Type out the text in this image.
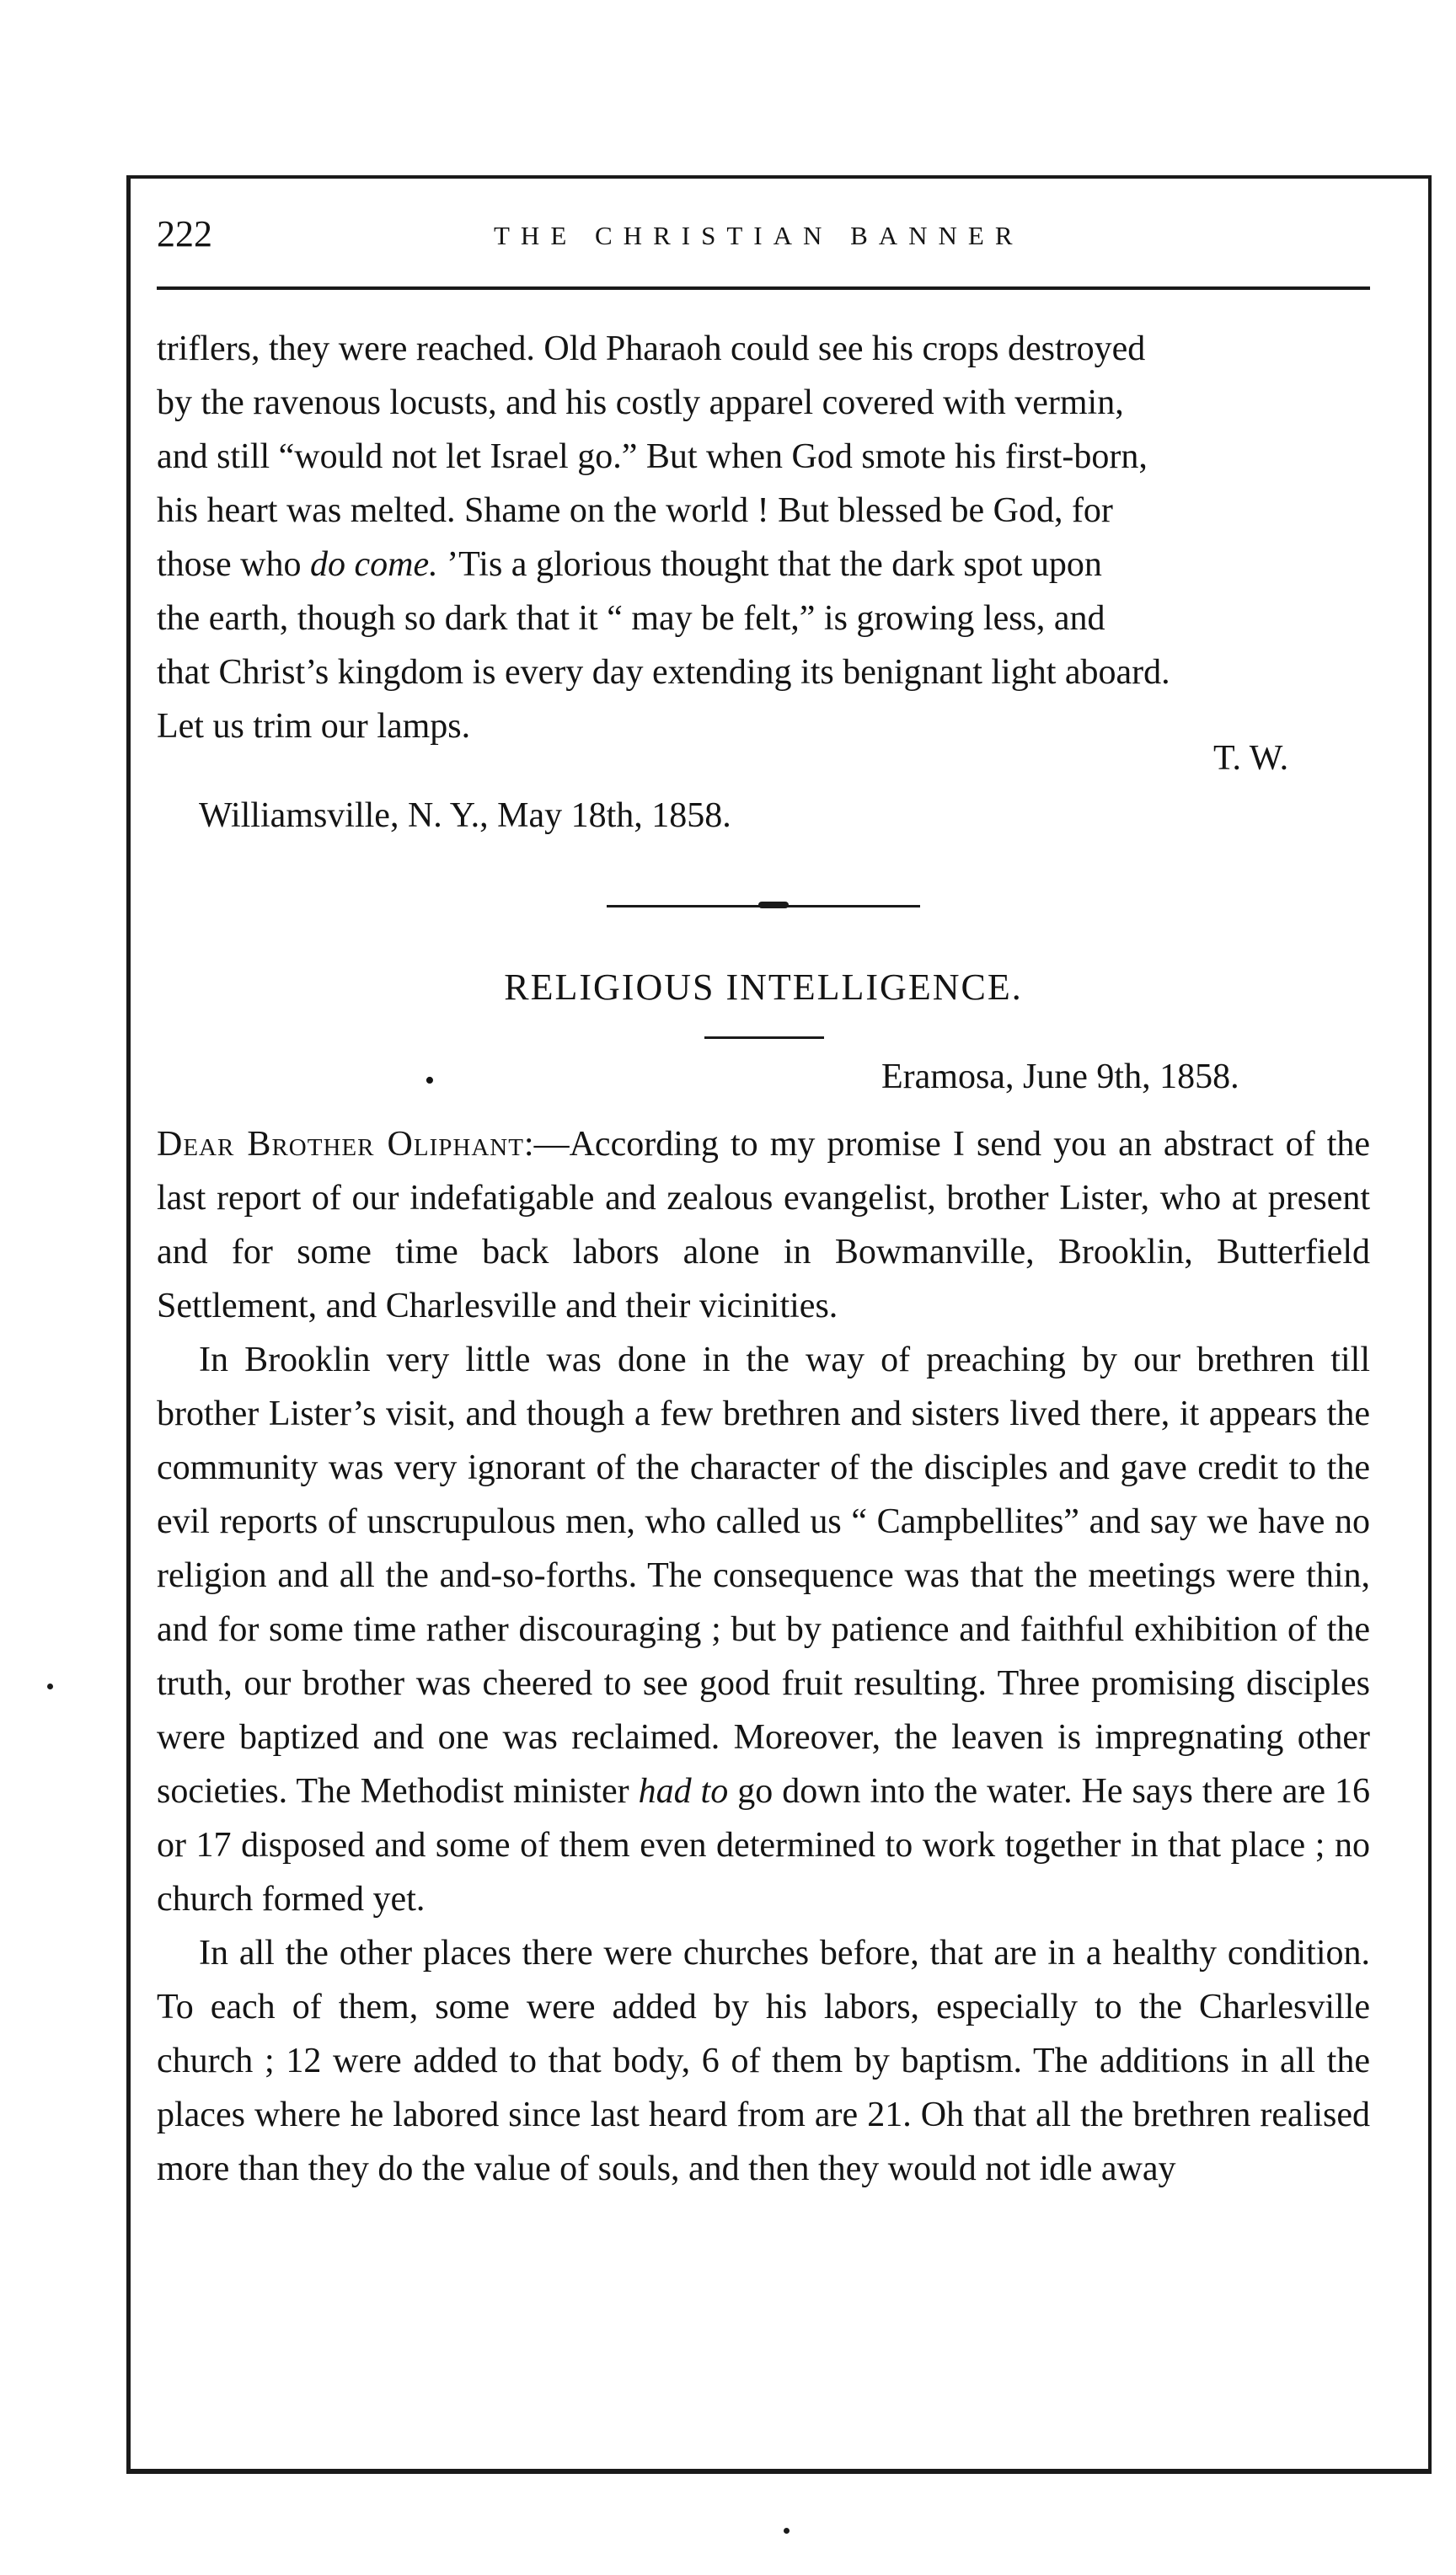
222	THE CHRISTIAN BANNER

triflers, they were reached. Old Pharaoh could see his crops destroyed

by the ravenous locusts, and his costly apparel covered with vermin,

and still “would not let Israel go.” But when God smote his first-born,

his heart was melted. Shame on the world ! But blessed be God, for

those who do come. ’Tis a glorious thought that the dark spot upon

the earth, though so dark that it “ may be felt,” is growing less, and

that Christ’s kingdom is every day extending its benignant light aboard.

Let us trim our lamps.

T. W.
Williamsville, N. Y., May 18th, 1858.
RELIGIOUS INTELLIGENCE.
•	Eramosa, June 9th, 1858.

Dear Brother Oliphant:—According to my promise I send you an abstract of the last report of our indefatigable and zealous evangelist, brother Lister, who at present and for some time back labors alone in Bowmanville, Brooklin, Butterfield Settlement, and Charlesville and their vicinities.

In Brooklin very little was done in the way of preaching by our brethren till brother Lister’s visit, and though a few brethren and sisters lived there, it appears the community was very ignorant of the character of the disciples and gave credit to the evil reports of unscrupulous men, who called us “ Campbellites” and say we have no religion and all the and-so-forths. The consequence was that the meetings were thin, and for some time rather discouraging ; but by patience and faithful exhibition of the truth, our brother was cheered to see good fruit resulting. Three promising disciples were baptized and one was reclaimed. Moreover, the leaven is impregnating other societies. The Methodist minister had to go down into the water. He says there are 16 or 17 disposed and some of them even determined to work together in that place ; no church formed yet.

In all the other places there were churches before, that are in a healthy condition. To each of them, some were added by his labors, especially to the Charlesville church ; 12 were added to that body, 6 of them by baptism. The additions in all the places where he labored since last heard from are 21. Oh that all the brethren realised more than they do the value of souls, and then they would not idle away
